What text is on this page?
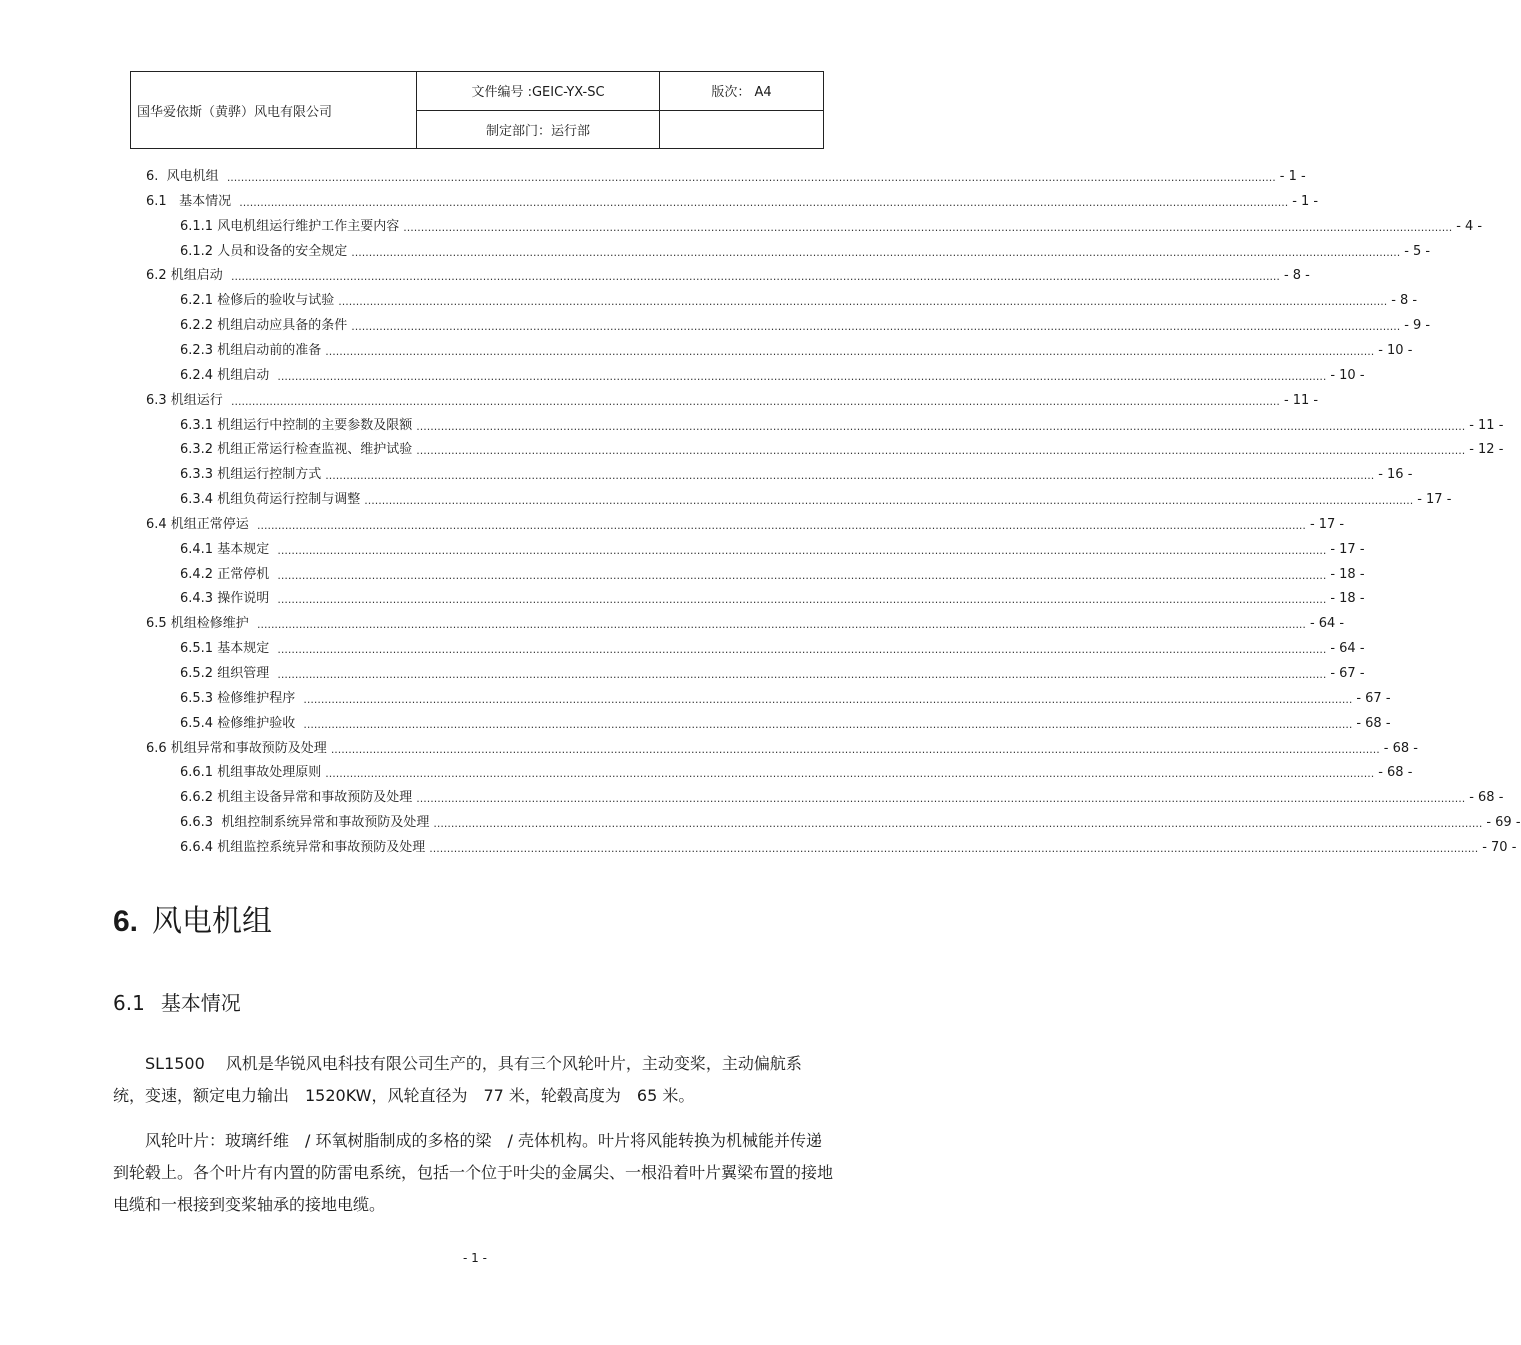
国华爱依斯（黄骅）风电有限公司	文件编号 :GEIC-YX-SC	版次： A4
	制定部门：运行部	
6.  风电机组 ............................................................................................................................................................................................................................................................................................................ - 1 -
6.1   基本情况 ............................................................................................................................................................................................................................................................................................................ - 1 -
6.1.1 风电机组运行维护工作主要内容 ............................................................................................................................................................................................................................................................................................................ - 4 -
6.1.2 人员和设备的安全规定 ............................................................................................................................................................................................................................................................................................................ - 5 -
6.2 机组启动 ............................................................................................................................................................................................................................................................................................................ - 8 -
6.2.1 检修后的验收与试验 ............................................................................................................................................................................................................................................................................................................ - 8 -
6.2.2 机组启动应具备的条件 ............................................................................................................................................................................................................................................................................................................ - 9 -
6.2.3 机组启动前的准备 ............................................................................................................................................................................................................................................................................................................ - 10 -
6.2.4 机组启动 ............................................................................................................................................................................................................................................................................................................ - 10 -
6.3 机组运行 ............................................................................................................................................................................................................................................................................................................ - 11 -
6.3.1 机组运行中控制的主要参数及限额 ............................................................................................................................................................................................................................................................................................................ - 11 -
6.3.2 机组正常运行检查监视、维护试验 ............................................................................................................................................................................................................................................................................................................ - 12 -
6.3.3 机组运行控制方式 ............................................................................................................................................................................................................................................................................................................ - 16 -
6.3.4 机组负荷运行控制与调整 ............................................................................................................................................................................................................................................................................................................ - 17 -
6.4 机组正常停运 ............................................................................................................................................................................................................................................................................................................ - 17 -
6.4.1 基本规定 ............................................................................................................................................................................................................................................................................................................ - 17 -
6.4.2 正常停机 ............................................................................................................................................................................................................................................................................................................ - 18 -
6.4.3 操作说明 ............................................................................................................................................................................................................................................................................................................ - 18 -
6.5 机组检修维护 ............................................................................................................................................................................................................................................................................................................ - 64 -
6.5.1 基本规定 ............................................................................................................................................................................................................................................................................................................ - 64 -
6.5.2 组织管理 ............................................................................................................................................................................................................................................................................................................ - 67 -
6.5.3 检修维护程序 ............................................................................................................................................................................................................................................................................................................ - 67 -
6.5.4 检修维护验收 ............................................................................................................................................................................................................................................................................................................ - 68 -
6.6 机组异常和事故预防及处理 ............................................................................................................................................................................................................................................................................................................ - 68 -
6.6.1 机组事故处理原则 ............................................................................................................................................................................................................................................................................................................ - 68 -
6.6.2 机组主设备异常和事故预防及处理 ............................................................................................................................................................................................................................................................................................................ - 68 -
6.6.3  机组控制系统异常和事故预防及处理 ............................................................................................................................................................................................................................................................................................................ - 69 -
6.6.4 机组监控系统异常和事故预防及处理 ............................................................................................................................................................................................................................................................................................................ - 70 -
6. 风电机组
6.1 基本情况

　　SL1500　 风机是华锐风电科技有限公司生产的，具有三个风轮叶片，主动变桨，主动偏航系统，变速，额定电力输出　1520KW，风轮直径为　77 米，轮毂高度为　65 米。

　　风轮叶片：玻璃纤维　/ 环氧树脂制成的多格的梁　/ 壳体机构。叶片将风能转换为机械能并传递到轮毂上。各个叶片有内置的防雷电系统，包括一个位于叶尖的金属尖、一根沿着叶片翼梁布置的接地电缆和一根接到变桨轴承的接地电缆。

- 1 -
